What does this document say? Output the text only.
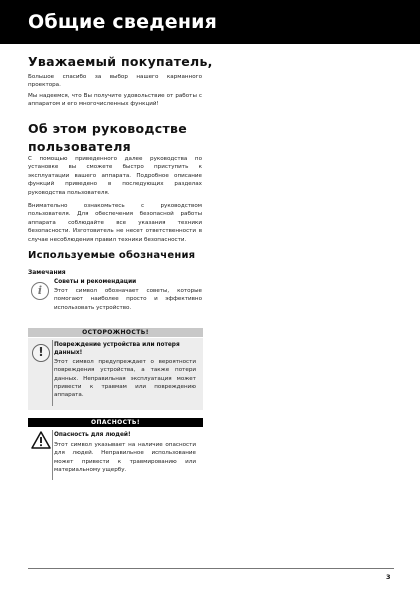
Общие сведения
Уважаемый покупатель,
Большое спасибо за выбор нашего карманного проектора.
Мы надеемся, что Вы получите удовольствие от работы с аппаратом и его многочисленных функций!
Об этом руководстве пользователя
С помощью приведенного далее руководства по установке вы сможете быстро приступить к эксплуатации вашего аппарата. Подробное описание функций приведено в последующих разделах руководства пользователя.
Внимательно ознакомьтесь с руководством пользователя. Для обеспечения безопасной работы аппарата соблюдайте все указания техники безопасности. Изготовитель не несет ответственности в случае несоблюдения правил техники безопасности.
Используемые обозначения
Замечания
i
Советы и рекомендации
Этот символ обозначает советы, которые помогают наиболее просто и эффективно использовать устройство.
ОСТОРОЖНОСТЬ!
!	Повреждение устройства или потеря данных!
Этот символ предупреждает о вероятности повреждения устройства, а также потери данных. Неправильная эксплуатация может привести к травмам или повреждению аппарата.
ОПАСНОСТЬ!
Опасность для людей!
Этот символ указывает на наличие опасности для людей. Неправильное использование может привести к травмированию или материальному ущербу.
3
